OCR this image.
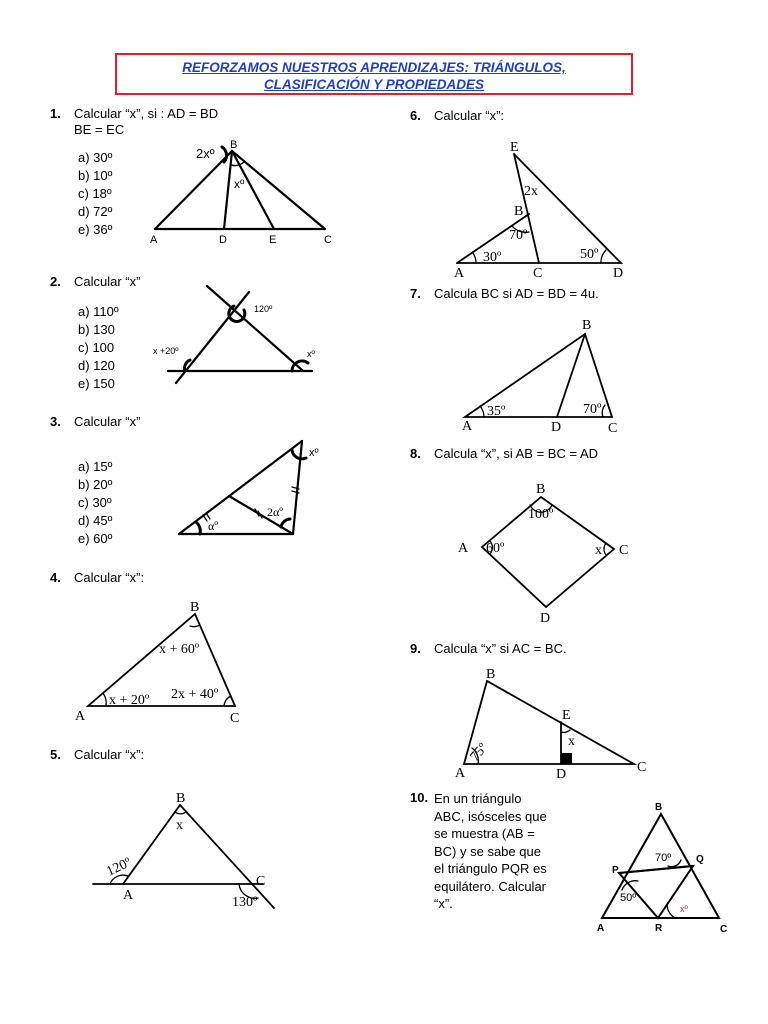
REFORZAMOS NUESTROS APRENDIZAJES: TRIÁNGULOS,
CLASIFICACIÓN Y PROPIEDADES
1. Calcular “x”, si : AD = BD
BE = EC
a) 30º
b) 10º
c) 18º
d) 72º
e) 36º
2. Calcular “x”
a) 110º
b) 130
c) 100
d) 120
e) 150
3. Calcular “x”
a) 15º
b) 20º
c) 30º
d) 45º
e) 60º
4. Calcular “x”:
5. Calcular “x”:
6. Calcular “x”:
7. Calcula BC si AD = BD = 4u.
8. Calcula “x”, si AB = BC = AD
9. Calcula “x” si AC = BC.
10. En un triángulo
ABC, isósceles que
se muestra (AB =
BC) y se sabe que
el triángulo PQR es
equilátero. Calcular
“x”.
B
A	D	E	C
2xº
xº
120º
x +20º	xº
xº
2αº
αº
A
B
C
x + 60º
x + 20º 2x + 40º
A
B
C
x
120º
130º
E
B
A	C	D
2x
70º
30º	50º
B
A	D	C
35º	70º
B
A	C
D
100º
60º	x
B
E
A	D	C
75º	x
B
P
Q
A	R	C
70º
50º
xº
